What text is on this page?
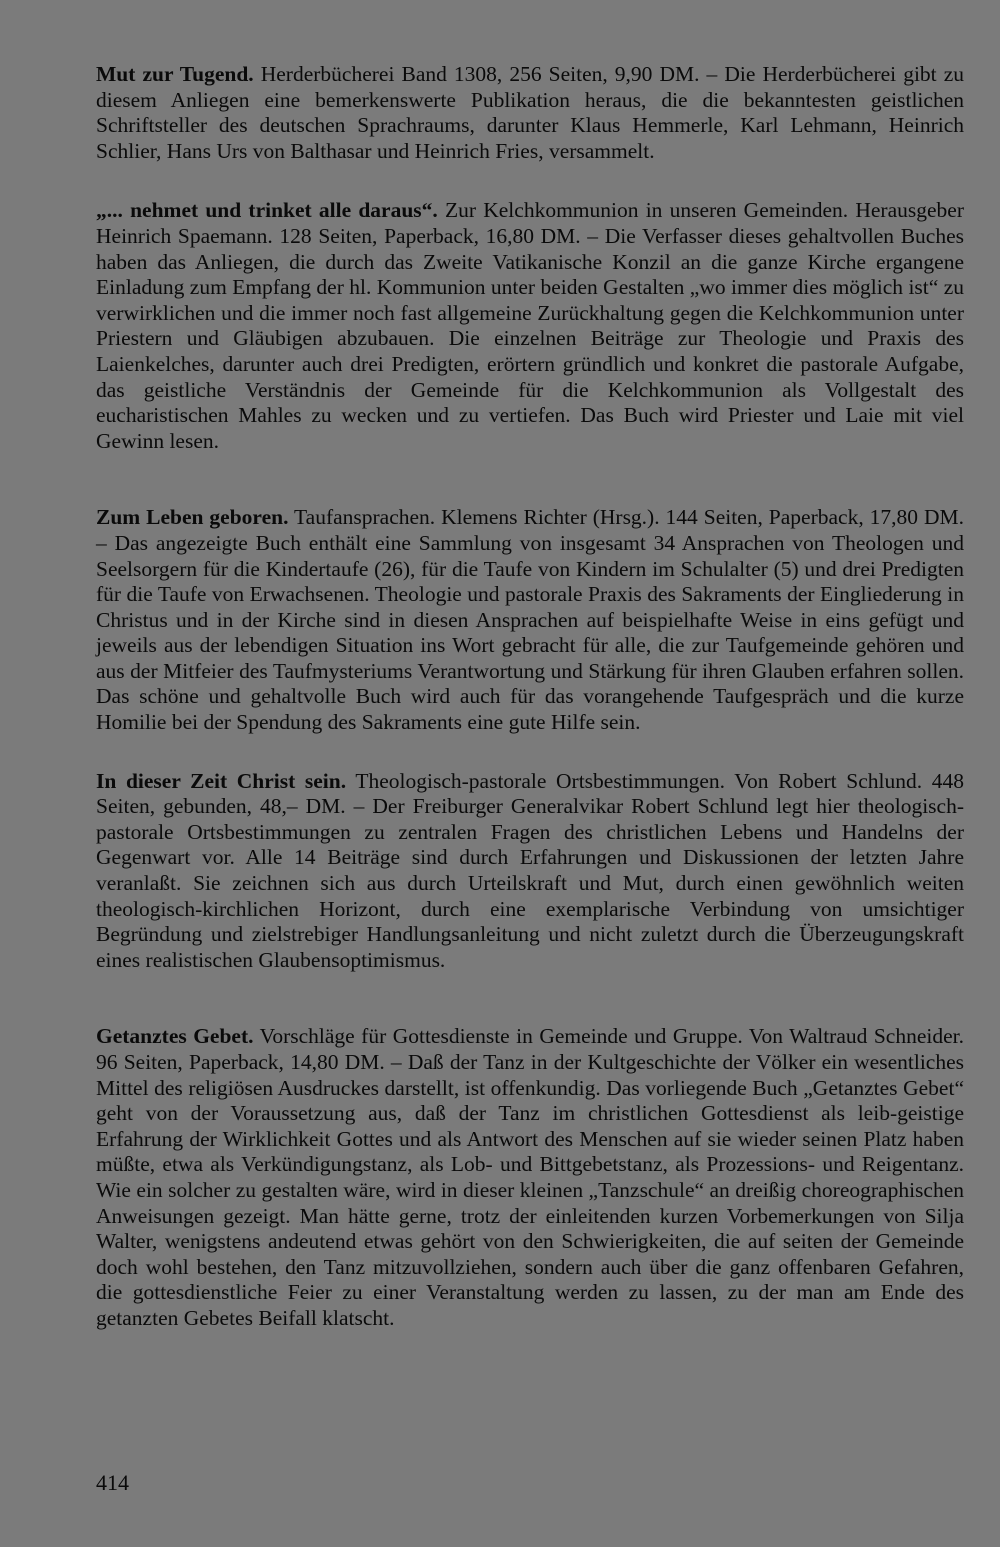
Mut zur Tugend. Herderbücherei Band 1308, 256 Seiten, 9,90 DM. – Die Herderbücherei gibt zu diesem Anliegen eine bemerkenswerte Publikation heraus, die die bekanntesten geistlichen Schriftsteller des deutschen Sprachraums, darunter Klaus Hemmerle, Karl Lehmann, Heinrich Schlier, Hans Urs von Balthasar und Heinrich Fries, versammelt.

„... nehmet und trinket alle daraus“. Zur Kelchkommunion in unseren Gemeinden. Herausgeber Heinrich Spaemann. 128 Seiten, Paperback, 16,80 DM. – Die Verfasser dieses gehaltvollen Buches haben das Anliegen, die durch das Zweite Vatikanische Konzil an die ganze Kirche ergangene Einladung zum Empfang der hl. Kommunion unter beiden Gestalten „wo immer dies möglich ist“ zu verwirklichen und die immer noch fast allgemeine Zurückhaltung gegen die Kelchkommunion unter Priestern und Gläubigen abzubauen. Die einzelnen Beiträge zur Theologie und Praxis des Laienkelches, darunter auch drei Predigten, erörtern gründlich und konkret die pastorale Aufgabe, das geistliche Verständnis der Gemeinde für die Kelchkommunion als Vollgestalt des eucharistischen Mahles zu wecken und zu vertiefen. Das Buch wird Priester und Laie mit viel Gewinn lesen.

Zum Leben geboren. Taufansprachen. Klemens Richter (Hrsg.). 144 Seiten, Paperback, 17,80 DM. – Das angezeigte Buch enthält eine Sammlung von insgesamt 34 Ansprachen von Theologen und Seelsorgern für die Kindertaufe (26), für die Taufe von Kindern im Schulalter (5) und drei Predigten für die Taufe von Erwachsenen. Theologie und pastorale Praxis des Sakraments der Eingliederung in Christus und in der Kirche sind in diesen Ansprachen auf beispielhafte Weise in eins gefügt und jeweils aus der lebendigen Situation ins Wort gebracht für alle, die zur Taufgemeinde gehören und aus der Mitfeier des Taufmysteriums Verantwortung und Stärkung für ihren Glauben erfahren sollen. Das schöne und gehaltvolle Buch wird auch für das vorangehende Taufgespräch und die kurze Homilie bei der Spendung des Sakraments eine gute Hilfe sein.

In dieser Zeit Christ sein. Theologisch-pastorale Ortsbestimmungen. Von Robert Schlund. 448 Seiten, gebunden, 48,– DM. – Der Freiburger Generalvikar Robert Schlund legt hier theologisch-pastorale Ortsbestimmungen zu zentralen Fragen des christlichen Lebens und Handelns der Gegenwart vor. Alle 14 Beiträge sind durch Erfahrungen und Diskussionen der letzten Jahre veranlaßt. Sie zeichnen sich aus durch Urteilskraft und Mut, durch einen gewöhnlich weiten theologisch-kirchlichen Horizont, durch eine exemplarische Verbindung von umsichtiger Begründung und zielstrebiger Handlungsanleitung und nicht zuletzt durch die Überzeugungskraft eines realistischen Glaubensoptimismus.

Getanztes Gebet. Vorschläge für Gottesdienste in Gemeinde und Gruppe. Von Waltraud Schneider. 96 Seiten, Paperback, 14,80 DM. – Daß der Tanz in der Kultgeschichte der Völker ein wesentliches Mittel des religiösen Ausdruckes darstellt, ist offenkundig. Das vorliegende Buch „Getanztes Gebet“ geht von der Voraussetzung aus, daß der Tanz im christlichen Gottesdienst als leib-geistige Erfahrung der Wirklichkeit Gottes und als Antwort des Menschen auf sie wieder seinen Platz haben müßte, etwa als Verkündigungstanz, als Lob- und Bittgebetstanz, als Prozessions- und Reigentanz. Wie ein solcher zu gestalten wäre, wird in dieser kleinen „Tanzschule“ an dreißig choreographischen Anweisungen gezeigt. Man hätte gerne, trotz der einleitenden kurzen Vorbemerkungen von Silja Walter, wenigstens andeutend etwas gehört von den Schwierigkeiten, die auf seiten der Gemeinde doch wohl bestehen, den Tanz mitzuvollziehen, sondern auch über die ganz offenbaren Gefahren, die gottesdienstliche Feier zu einer Veranstaltung werden zu lassen, zu der man am Ende des getanzten Gebetes Beifall klatscht.

414
